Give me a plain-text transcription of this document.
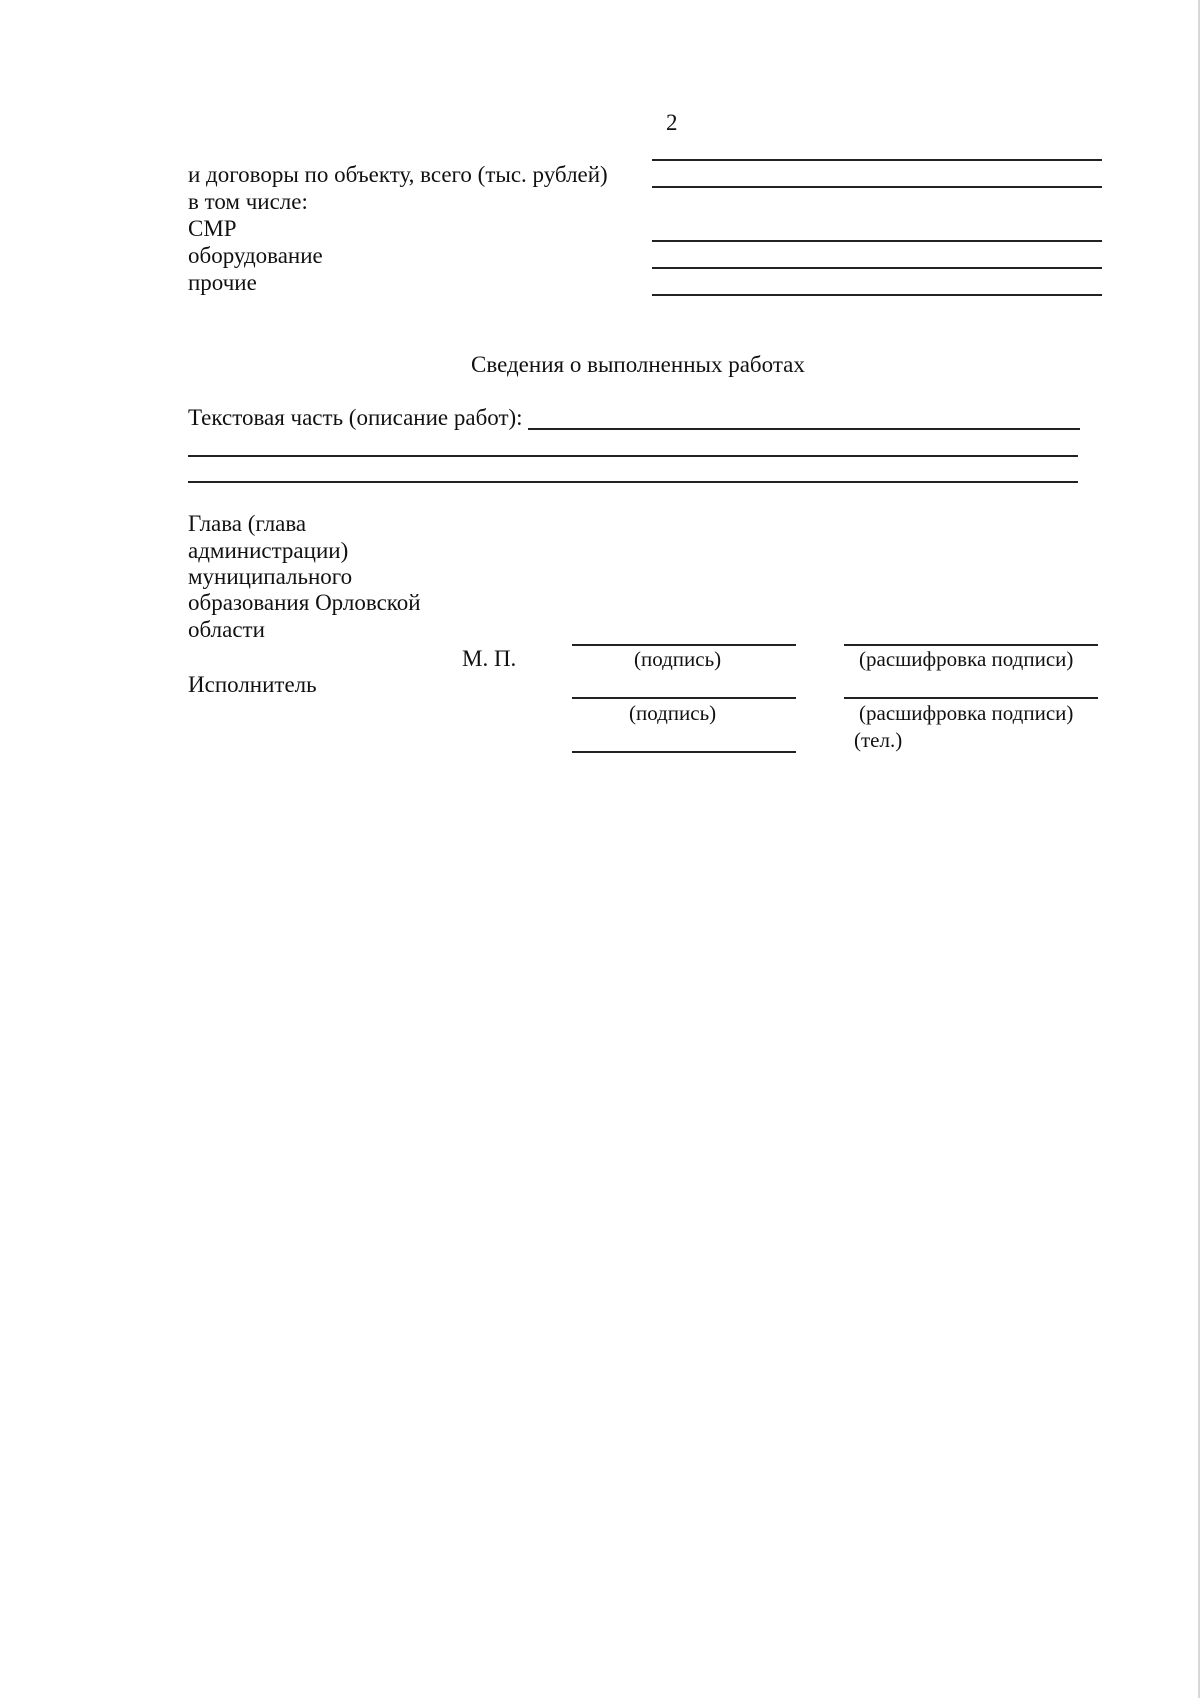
2
и договоры по объекту, всего (тыс. рублей)
в том числе:
СМР
оборудование
прочие
Сведения о выполненных работах
Текстовая часть (описание работ):
Глава (глава
администрации)
муниципального
образования Орловской
области
М. П.	(подпись)	(расшифровка подписи)
Исполнитель
(подпись)	(расшифровка подписи)
(тел.)
